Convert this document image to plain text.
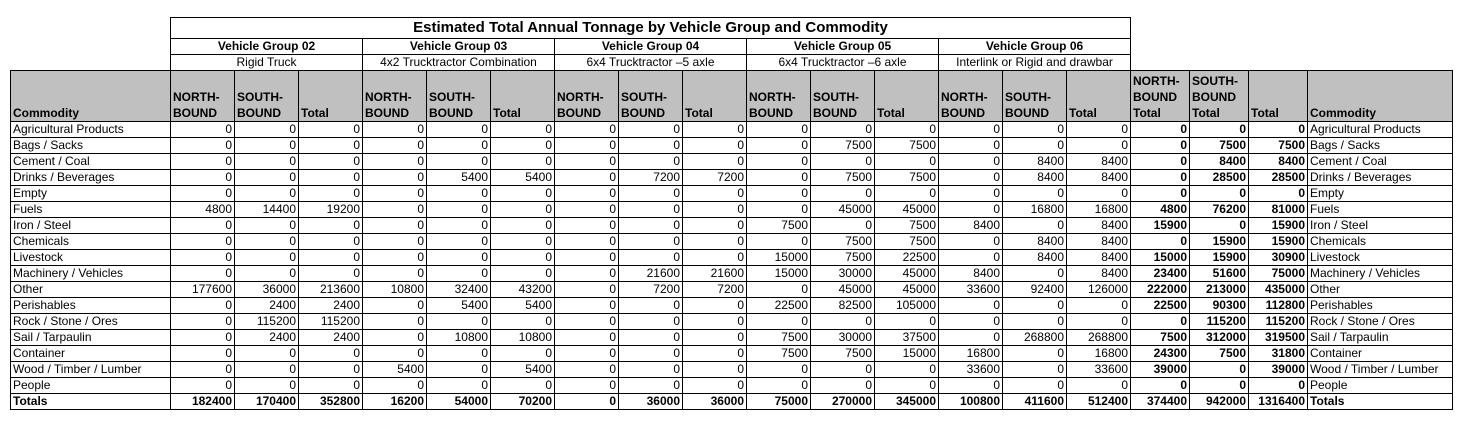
	Estimated Total Annual Tonnage by Vehicle Group and Commodity																		
	Vehicle Group 02			Vehicle Group 03			Vehicle Group 04			Vehicle Group 05			Vehicle Group 06						
	Rigid Truck			4x2 Trucktractor Combination			6x4 Trucktractor –5 axle			6x4 Trucktractor –6 axle			Interlink or Rigid and drawbar						
Commodity	NORTH-BOUND	SOUTH-BOUND	Total	NORTH-BOUND	SOUTH-BOUND	Total	NORTH-BOUND	SOUTH-BOUND	Total	NORTH-BOUND	SOUTH-BOUND	Total	NORTH-BOUND	SOUTH-BOUND	Total	NORTH-BOUND Total	SOUTH-BOUND Total	Total	Commodity
Agricultural Products	0	0	0	0	0	0	0	0	0	0	0	0	0	0	0	0	0	0	Agricultural Products
Bags / Sacks	0	0	0	0	0	0	0	0	0	0	7500	7500	0	0	0	0	7500	7500	Bags / Sacks
Cement / Coal	0	0	0	0	0	0	0	0	0	0	0	0	0	8400	8400	0	8400	8400	Cement / Coal
Drinks / Beverages	0	0	0	0	5400	5400	0	7200	7200	0	7500	7500	0	8400	8400	0	28500	28500	Drinks / Beverages
Empty	0	0	0	0	0	0	0	0	0	0	0	0	0	0	0	0	0	0	Empty
Fuels	4800	14400	19200	0	0	0	0	0	0	0	45000	45000	0	16800	16800	4800	76200	81000	Fuels
Iron / Steel	0	0	0	0	0	0	0	0	0	7500	0	7500	8400	0	8400	15900	0	15900	Iron / Steel
Chemicals	0	0	0	0	0	0	0	0	0	0	7500	7500	0	8400	8400	0	15900	15900	Chemicals
Livestock	0	0	0	0	0	0	0	0	0	15000	7500	22500	0	8400	8400	15000	15900	30900	Livestock
Machinery / Vehicles	0	0	0	0	0	0	0	21600	21600	15000	30000	45000	8400	0	8400	23400	51600	75000	Machinery / Vehicles
Other	177600	36000	213600	10800	32400	43200	0	7200	7200	0	45000	45000	33600	92400	126000	222000	213000	435000	Other
Perishables	0	2400	2400	0	5400	5400	0	0	0	22500	82500	105000	0	0	0	22500	90300	112800	Perishables
Rock / Stone / Ores	0	115200	115200	0	0	0	0	0	0	0	0	0	0	0	0	0	115200	115200	Rock / Stone / Ores
Sail / Tarpaulin	0	2400	2400	0	10800	10800	0	0	0	7500	30000	37500	0	268800	268800	7500	312000	319500	Sail / Tarpaulin
Container	0	0	0	0	0	0	0	0	0	7500	7500	15000	16800	0	16800	24300	7500	31800	Container
Wood / Timber / Lumber	0	0	0	5400	0	5400	0	0	0	0	0	0	33600	0	33600	39000	0	39000	Wood / Timber / Lumber
People	0	0	0	0	0	0	0	0	0	0	0	0	0	0	0	0	0	0	People
Totals	182400	170400	352800	16200	54000	70200	0	36000	36000	75000	270000	345000	100800	411600	512400	374400	942000	1316400	Totals
